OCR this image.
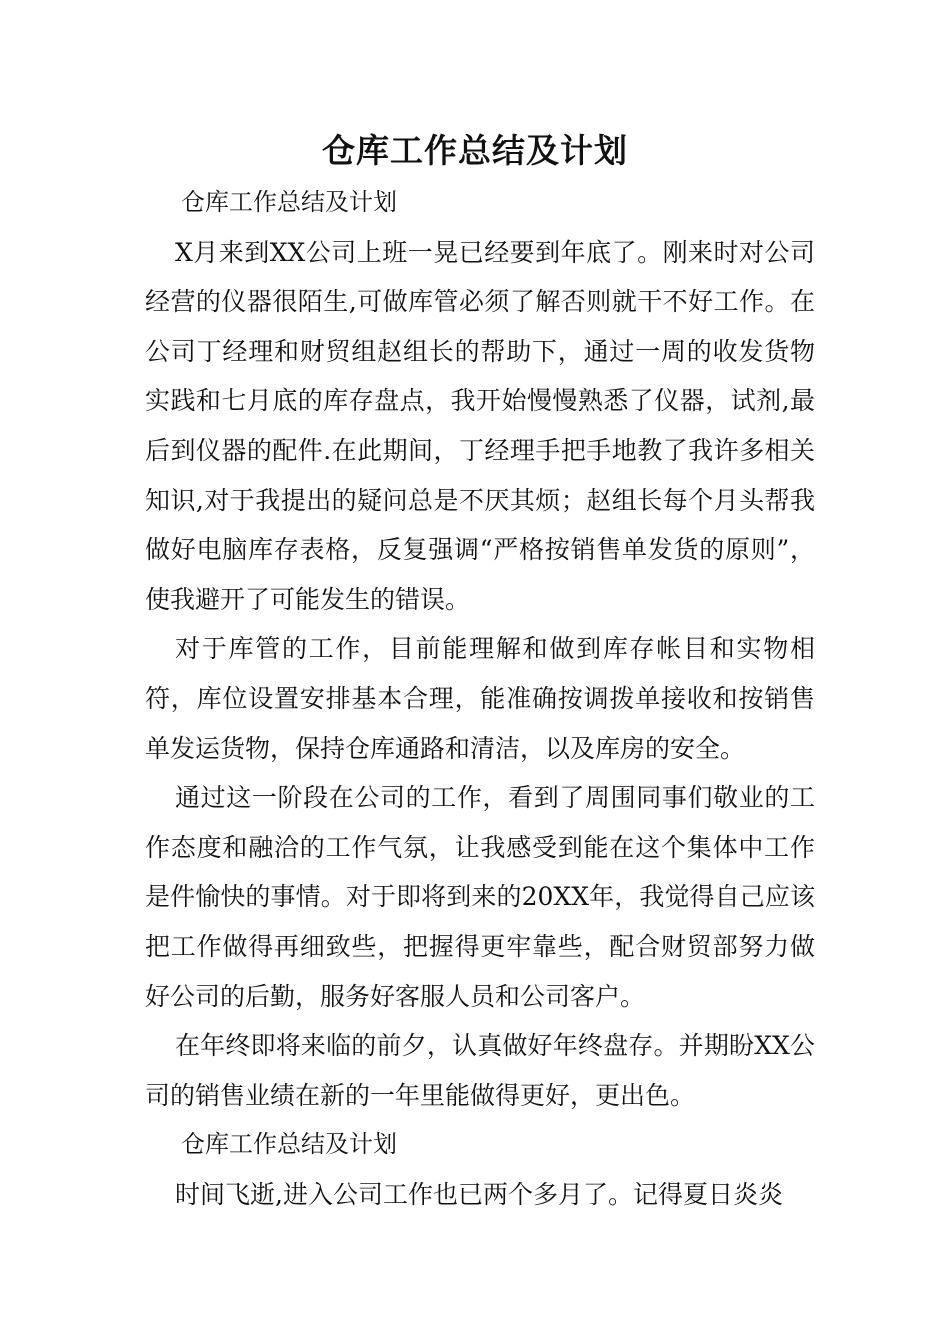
仓库工作总结及计划

仓库工作总结及计划

X月来到XX公司上班一晃已经要到年底了。刚来时对公司经营的仪器很陌生,可做库管必须了解否则就干不好工作。在公司丁经理和财贸组赵组长的帮助下，通过一周的收发货物实践和七月底的库存盘点，我开始慢慢熟悉了仪器，试剂,最后到仪器的配件.在此期间，丁经理手把手地教了我许多相关知识,对于我提出的疑问总是不厌其烦；赵组长每个月头帮我做好电脑库存表格，反复强调“严格按销售单发货的原则”，使我避开了可能发生的错误。

对于库管的工作，目前能理解和做到库存帐目和实物相符，库位设置安排基本合理，能准确按调拨单接收和按销售单发运货物，保持仓库通路和清洁，以及库房的安全。

通过这一阶段在公司的工作，看到了周围同事们敬业的工作态度和融洽的工作气氛，让我感受到能在这个集体中工作是件愉快的事情。对于即将到来的20XX年，我觉得自己应该把工作做得再细致些，把握得更牢靠些，配合财贸部努力做好公司的后勤，服务好客服人员和公司客户。

在年终即将来临的前夕，认真做好年终盘存。并期盼XX公司的销售业绩在新的一年里能做得更好，更出色。

仓库工作总结及计划

时间飞逝,进入公司工作也已两个多月了。记得夏日炎炎
